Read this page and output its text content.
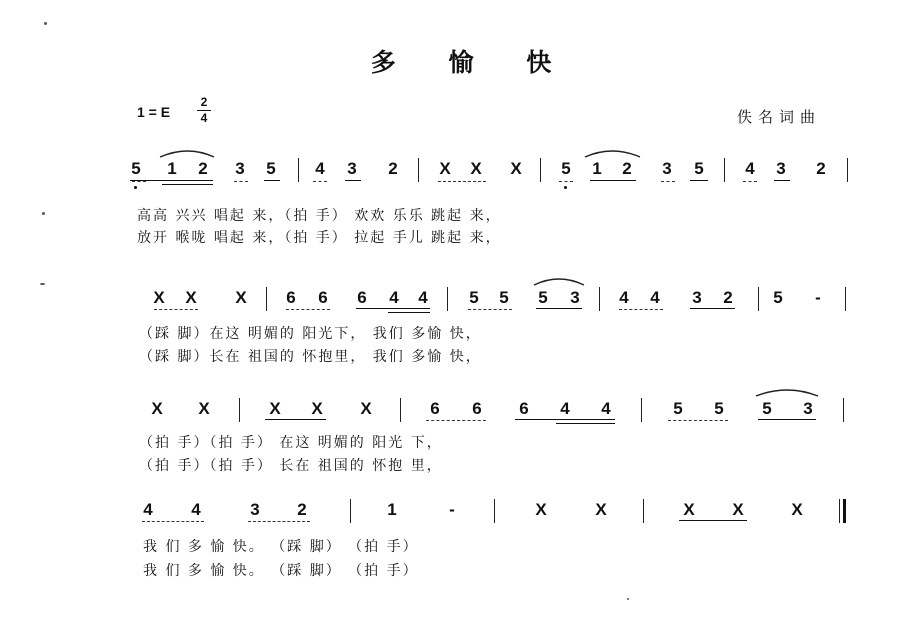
多 愉 快
1 = E
2
4	佚名词曲
高高 兴兴 唱起 来，（拍 手） 欢欢 乐乐 跳起 来，
放开 喉咙 唱起 来，（拍 手） 拉起 手儿 跳起 来，
5 1 2 3 5 4 3 2 X X X 5 1 2 3 5 4 3 2
（踩 脚）在这 明媚的 阳光下， 我们 多愉 快，
（踩 脚）长在 祖国的 怀抱里， 我们 多愉 快，
X X X 6 6 6 4 4 5 5 5 3 4 4 3 2 5 -
（拍 手）（拍 手） 在这 明媚的 阳光 下，
（拍 手）（拍 手） 长在 祖国的 怀抱 里，
X X	X X X	6 6 6 4 4	5 5 5 3
我 们 多 愉 快。 （踩 脚） （拍 手）
我 们 多 愉 快。 （踩 脚） （拍 手）
4 4	3 2	1	-	X	X	X X	X
